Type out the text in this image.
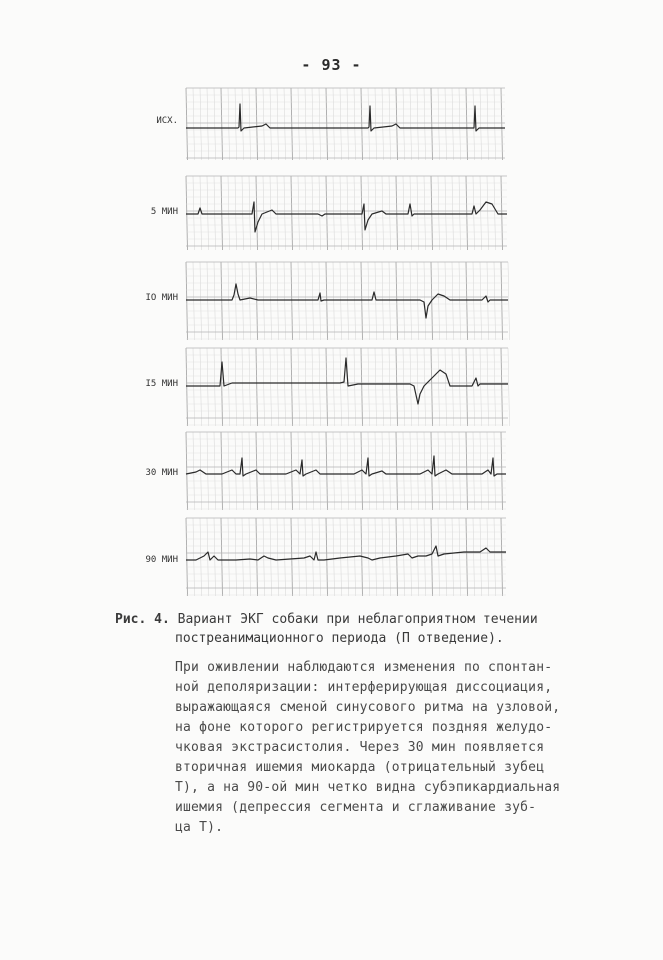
- 93 -
ИСХ.
5 МИН
IO МИН
I5 МИН
30 МИН
90 МИН
Рис. 4. Вариант ЭКГ собаки при неблагоприятном течении
постреанимационного периода (П отведение).
При оживлении наблюдаются изменения по спонтан-
ной деполяризации: интерферирующая диссоциация,
выражающаяся сменой синусового ритма на узловой,
на фоне которого регистрируется поздняя желудо-
чковая экстрасистолия. Через 30 мин появляется
вторичная ишемия миокарда (отрицательный зубец
Т), а на 90-ой мин четко видна субэпикардиальная
ишемия (депрессия сегмента и сглаживание зуб-
ца Т).
